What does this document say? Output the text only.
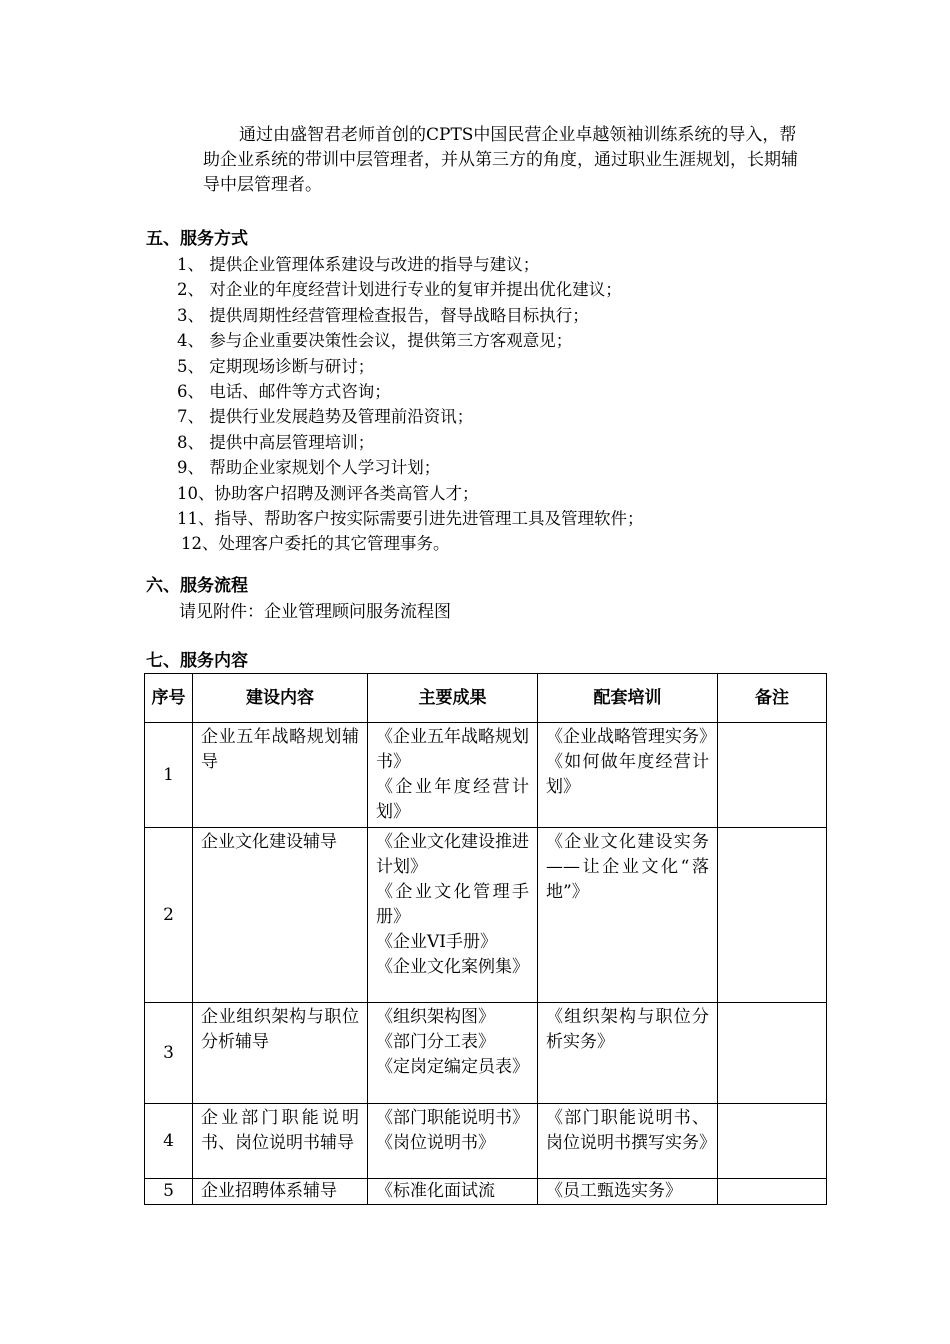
通过由盛智君老师首创的CPTS中国民营企业卓越领袖训练系统的导入，帮助企业系统的带训中层管理者，并从第三方的角度，通过职业生涯规划，长期辅导中层管理者。

五、服务方式

1、 提供企业管理体系建设与改进的指导与建议；
2、 对企业的年度经营计划进行专业的复审并提出优化建议；
3、 提供周期性经营管理检查报告，督导战略目标执行；
4、 参与企业重要决策性会议，提供第三方客观意见；
5、 定期现场诊断与研讨；
6、 电话、邮件等方式咨询；
7、 提供行业发展趋势及管理前沿资讯；
8、 提供中高层管理培训；
9、 帮助企业家规划个人学习计划；
10、协助客户招聘及测评各类高管人才；
11、指导、帮助客户按实际需要引进先进管理工具及管理软件；
12、处理客户委托的其它管理事务。

六、服务流程

请见附件：企业管理顾问服务流程图

七、服务内容

序号	建设内容	主要成果	配套培训	备注
1	企业五年战略规划辅导	《企业五年战略规划书》
《企业年度经营计划》	《企业战略管理实务》
《如何做年度经营计划》	

2	企业文化建设辅导	《企业文化建设推进计划》
《企业文化管理手册》
《企业VI手册》
《企业文化案例集》	《企业文化建设实务——让企业文化“落地”》	

3	企业组织架构与职位分析辅导	《组织架构图》
《部门分工表》
《定岗定编定员表》	《组织架构与职位分析实务》	

4	企业部门职能说明书、岗位说明书辅导	《部门职能说明书》
《岗位说明书》	《部门职能说明书、岗位说明书撰写实务》	

5	企业招聘体系辅导	《标准化面试流	《员工甄选实务》	
